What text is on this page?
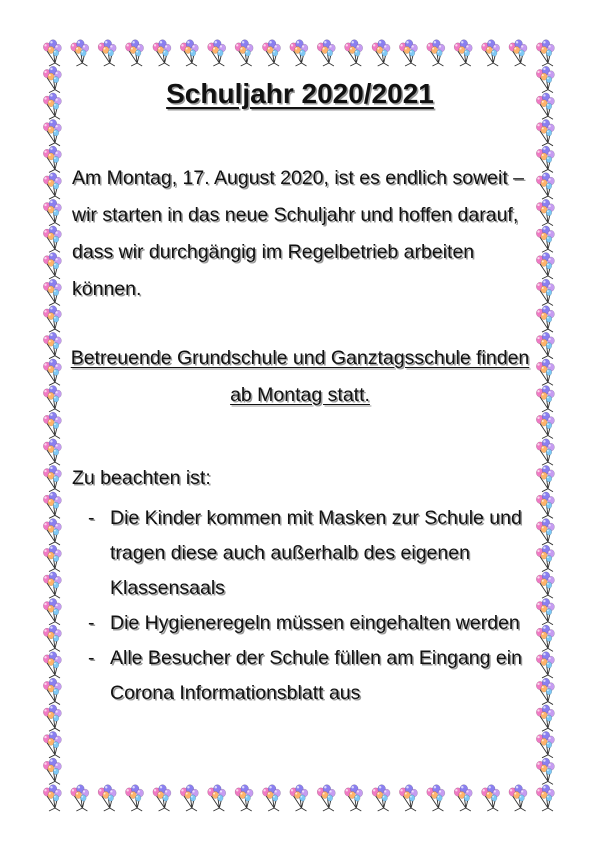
Schuljahr 2020/2021

Am Montag, 17. August 2020, ist es endlich soweit – wir starten in das neue Schuljahr und hoffen darauf, dass wir durchgängig im Regelbetrieb arbeiten können.

Betreuende Grundschule und Ganztagsschule finden ab Montag statt.

Zu beachten ist:

- Die Kinder kommen mit Masken zur Schule und tragen diese auch außerhalb des eigenen Klassensaals
- Die Hygieneregeln müssen eingehalten werden
- Alle Besucher der Schule füllen am Eingang ein Corona Informationsblatt aus
